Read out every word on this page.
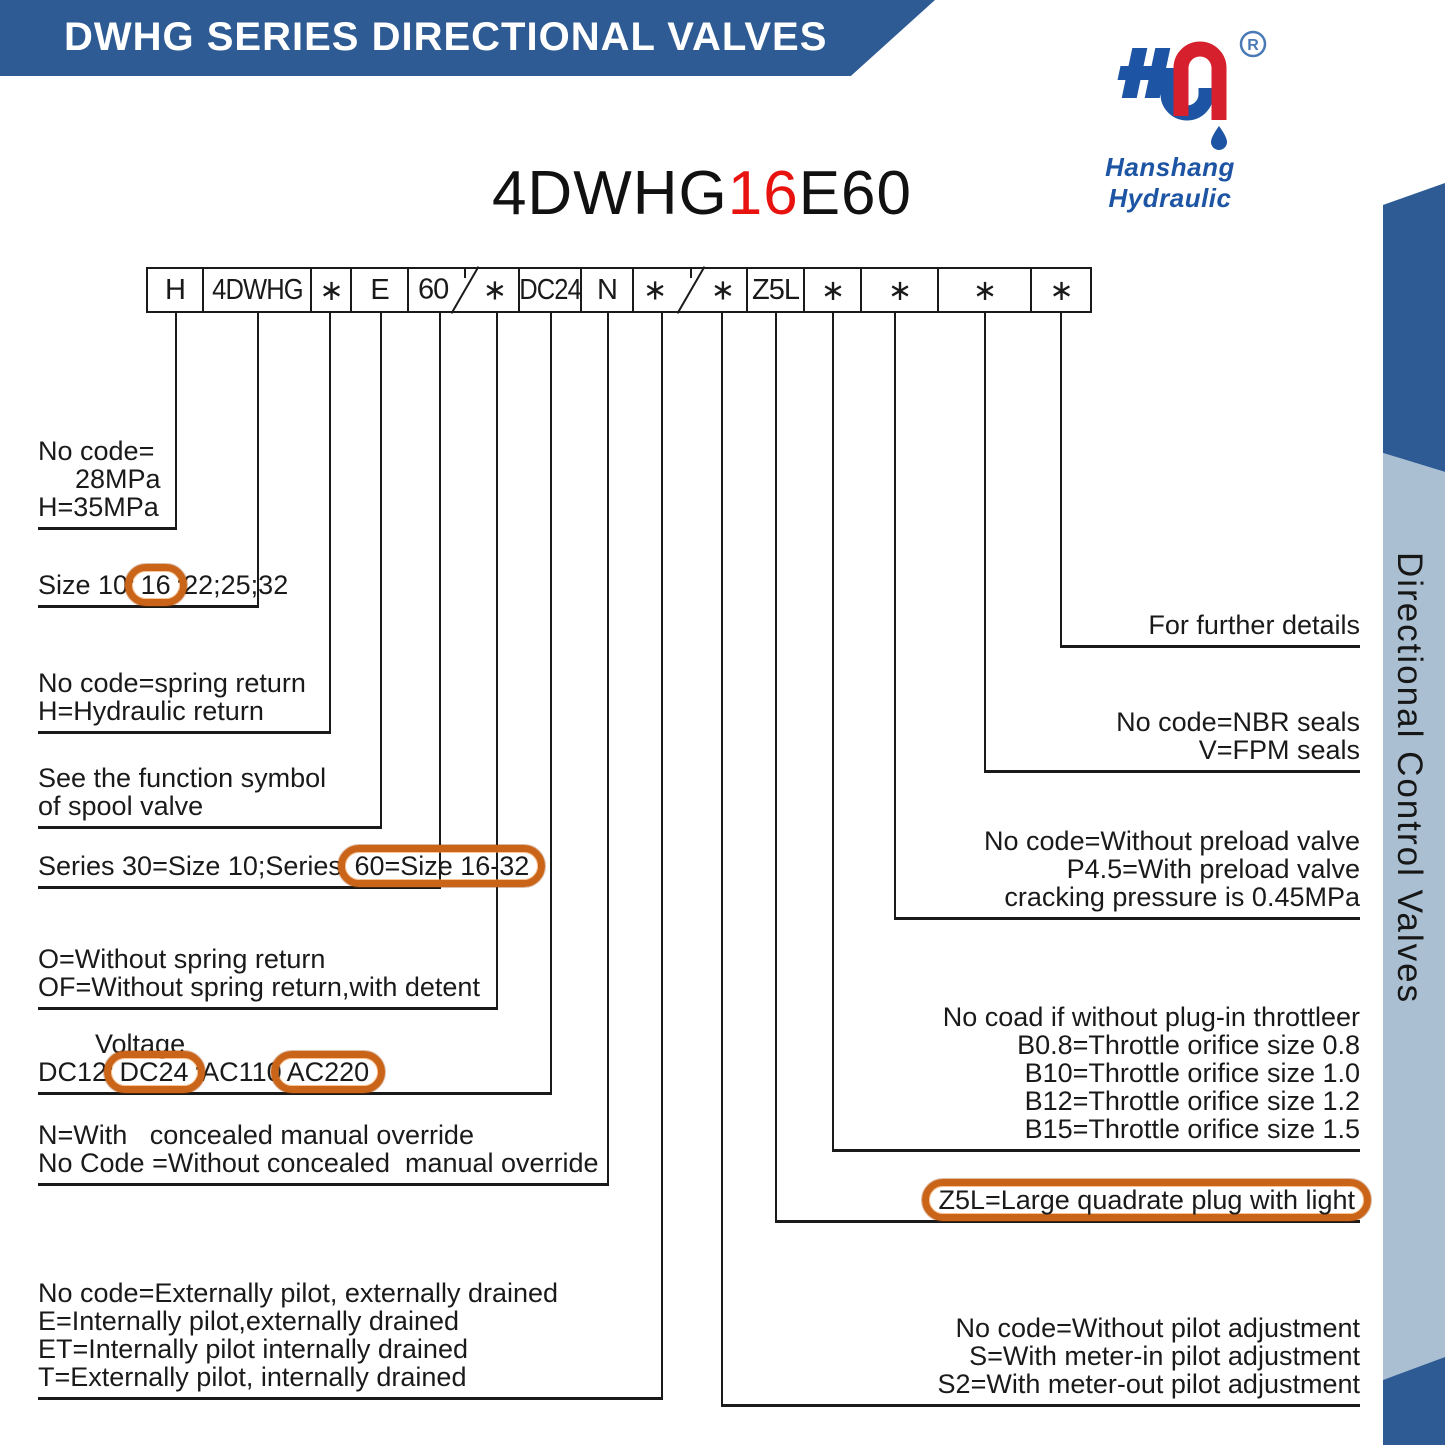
DWHG SERIES DIRECTIONAL VALVES	R
Hanshang Hydraulic
4DWHG16E60
H 4DWHG ∗ E 60 ∗ DC24 N ∗ ∗ Z5L ∗ ∗ ∗ ∗
Directional Control Valves
No code=
28MPa
H=35MPa
Size 10; 16 ;22;25;32
No code=spring return
H=Hydraulic return
See the function symbol
of spool valve
Series 30=Size 10;Series 60=Size 16-32
O=Without spring return
OF=Without spring return,with detent
Voltage
DC12; DC24 ;AC110 AC220
N=With   concealed manual override
No Code =Without concealed  manual override
No code=Externally pilot, externally drained
E=Internally pilot,externally drained
ET=Internally pilot internally drained
T=Externally pilot, internally drained
For further details
No code=NBR seals
V=FPM seals
No code=Without preload valve
P4.5=With preload valve
cracking pressure is 0.45MPa
No coad if without plug-in throttleer
B0.8=Throttle orifice size 0.8
B10=Throttle orifice size 1.0
B12=Throttle orifice size 1.2
B15=Throttle orifice size 1.5
Z5L=Large quadrate plug with light
No code=Without pilot adjustment
S=With meter-in pilot adjustment
S2=With meter-out pilot adjustment
